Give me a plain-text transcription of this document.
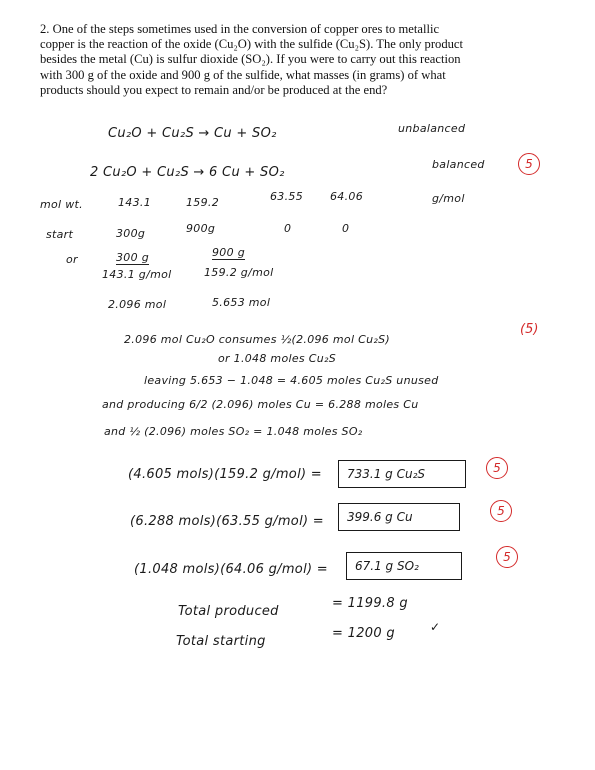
2. One of the steps sometimes used in the conversion of copper ores to metallic

copper is the reaction of the oxide (Cu₂O) with the sulfide (Cu₂S). The only product

besides the metal (Cu) is sulfur dioxide (SO₂). If you were to carry out this reaction

with 300 g of the oxide and 900 g of the sulfide, what masses (in grams) of what

products should you expect to remain and/or be produced at the end?

Cu₂O + Cu₂S → Cu + SO₂	unbalanced
2 Cu₂O + Cu₂S → 6 Cu + SO₂
balanced	5
mol wt.	143.1	159.2	63.55 64.06	g/mol
start	300g	900g	0	0
or	300 g
143.1 g/mol
900 g
159.2 g/mol
2.096 mol	5.653 mol
2.096 mol Cu₂O consumes ½(2.096 mol Cu₂S)
(5)
or 1.048 moles Cu₂S
leaving 5.653 − 1.048 = 4.605 moles Cu₂S unused
and producing 6/2 (2.096) moles Cu = 6.288 moles Cu
and ½ (2.096) moles SO₂ = 1.048 moles SO₂
(4.605 mols)(159.2 g/mol) =	733.1 g Cu₂S	5
(6.288 mols)(63.55 g/mol) =	399.6 g Cu	5
(1.048 mols)(64.06 g/mol) =	67.1 g SO₂
5
Total produced
= 1199.8 g
Total starting
= 1200 g	✓
